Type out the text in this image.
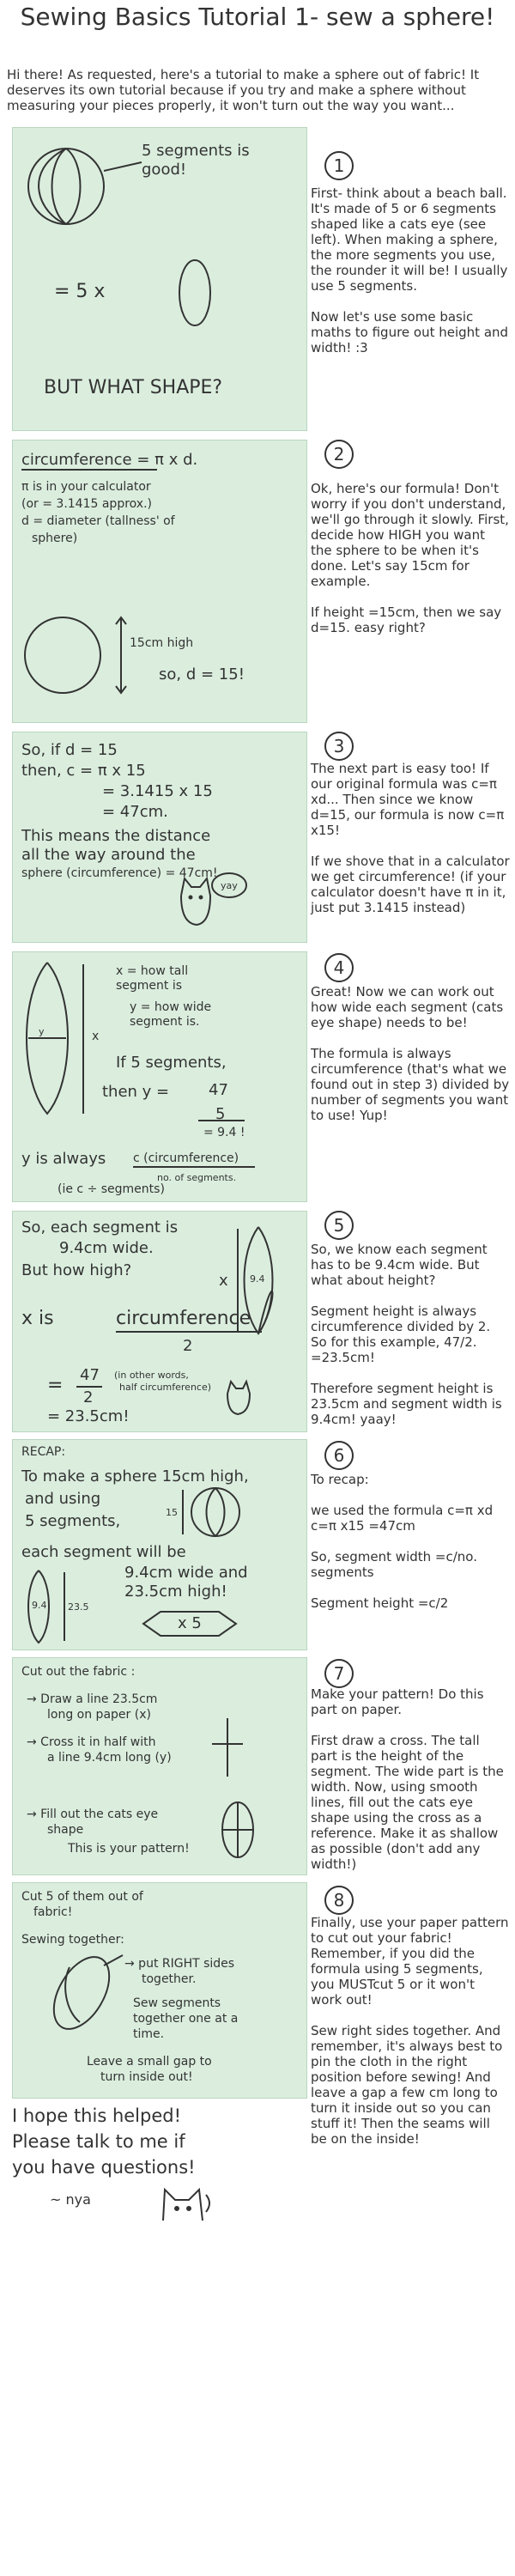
Sewing Basics Tutorial 1- sew a sphere!
Hi there! As requested, here's a tutorial to make a sphere out of fabric! It deserves its own tutorial because if you try and make a sphere without measuring your pieces properly, it won't turn out the way you want...
5 segments is good!
= 5 x
BUT WHAT SHAPE?
1

First- think about a beach ball. It's made of 5 or 6 segments shaped like a cats eye (see left). When making a sphere, the more segments you use, the rounder it will be! I usually use 5 segments.

Now let's use some basic maths to figure out height and width! :3

circumference = π x d.
π is in your calculator
(or = 3.1415 approx.)
d = diameter (tallness' of
sphere)
15cm high
so, d = 15!
2

Ok, here's our formula! Don't worry if you don't understand, we'll go through it slowly. First, decide how HIGH you want the sphere to be when it's done. Let's say 15cm for example.

If height =15cm, then we say d=15. easy right?

So, if d = 15
then, c = π x 15
= 3.1415 x 15
= 47cm.
This means the distance
all the way around the
sphere (circumference) = 47cm!
yay
3

The next part is easy too! If our original formula was c=π xd... Then since we know d=15, our formula is now c=π x15!

If we shove that in a calculator we get circumference! (if your calculator doesn't have π in it, just put 3.1415 instead)

y	x
x = how tall segment is
y = how wide segment is.
If 5 segments,
then y =	47
5
= 9.4 !
y is always c (circumference)
no. of segments.
(ie c ÷ segments)
4

Great! Now we can work out how wide each segment (cats eye shape) needs to be!

The formula is always circumference (that's what we found out in step 3) divided by number of segments you want to use! Yup!

So, each segment is
9.4cm wide.
But how high?	9.4
x
x is	circumference
2
= 47
2
(in other words,
half circumference)
= 23.5cm!
5

So, we know each segment has to be 9.4cm wide. But what about height?

Segment height is always circumference divided by 2. So for this example, 47/2. =23.5cm!

Therefore segment height is 23.5cm and segment width is 9.4cm! yaay!

RECAP:
To make a sphere 15cm high,
and using
5 segments,	15
each segment will be
9.4cm wide and
23.5cm high!
x 5
9.4 23.5
6

To recap:

we used the formula c=π xd c=π x15 =47cm

So, segment width =c/no. segments

Segment height =c/2

Cut out the fabric :
→ Draw a line 23.5cm
long on paper (x)
→ Cross it in half with
a line 9.4cm long (y)
→ Fill out the cats eye
shape
This is your pattern!
7

Make your pattern! Do this part on paper.

First draw a cross. The tall part is the height of the segment. The wide part is the width. Now, using smooth lines, fill out the cats eye shape using the cross as a reference. Make it as shallow as possible (don't add any width!)

Cut 5 of them out of
fabric!
Sewing together:
→ put RIGHT sides
together.
Sew segments
together one at a
time.
Leave a small gap to
turn inside out!
8

Finally, use your paper pattern to cut out your fabric! Remember, if you did the formula using 5 segments, you MUSTcut 5 or it won't work out!

Sew right sides together. And remember, it's always best to pin the cloth in the right position before sewing! And leave a gap a few cm long to turn it inside out so you can stuff it! Then the seams will be on the inside!

I hope this helped!
Please talk to me if
you have questions!
~ nya
